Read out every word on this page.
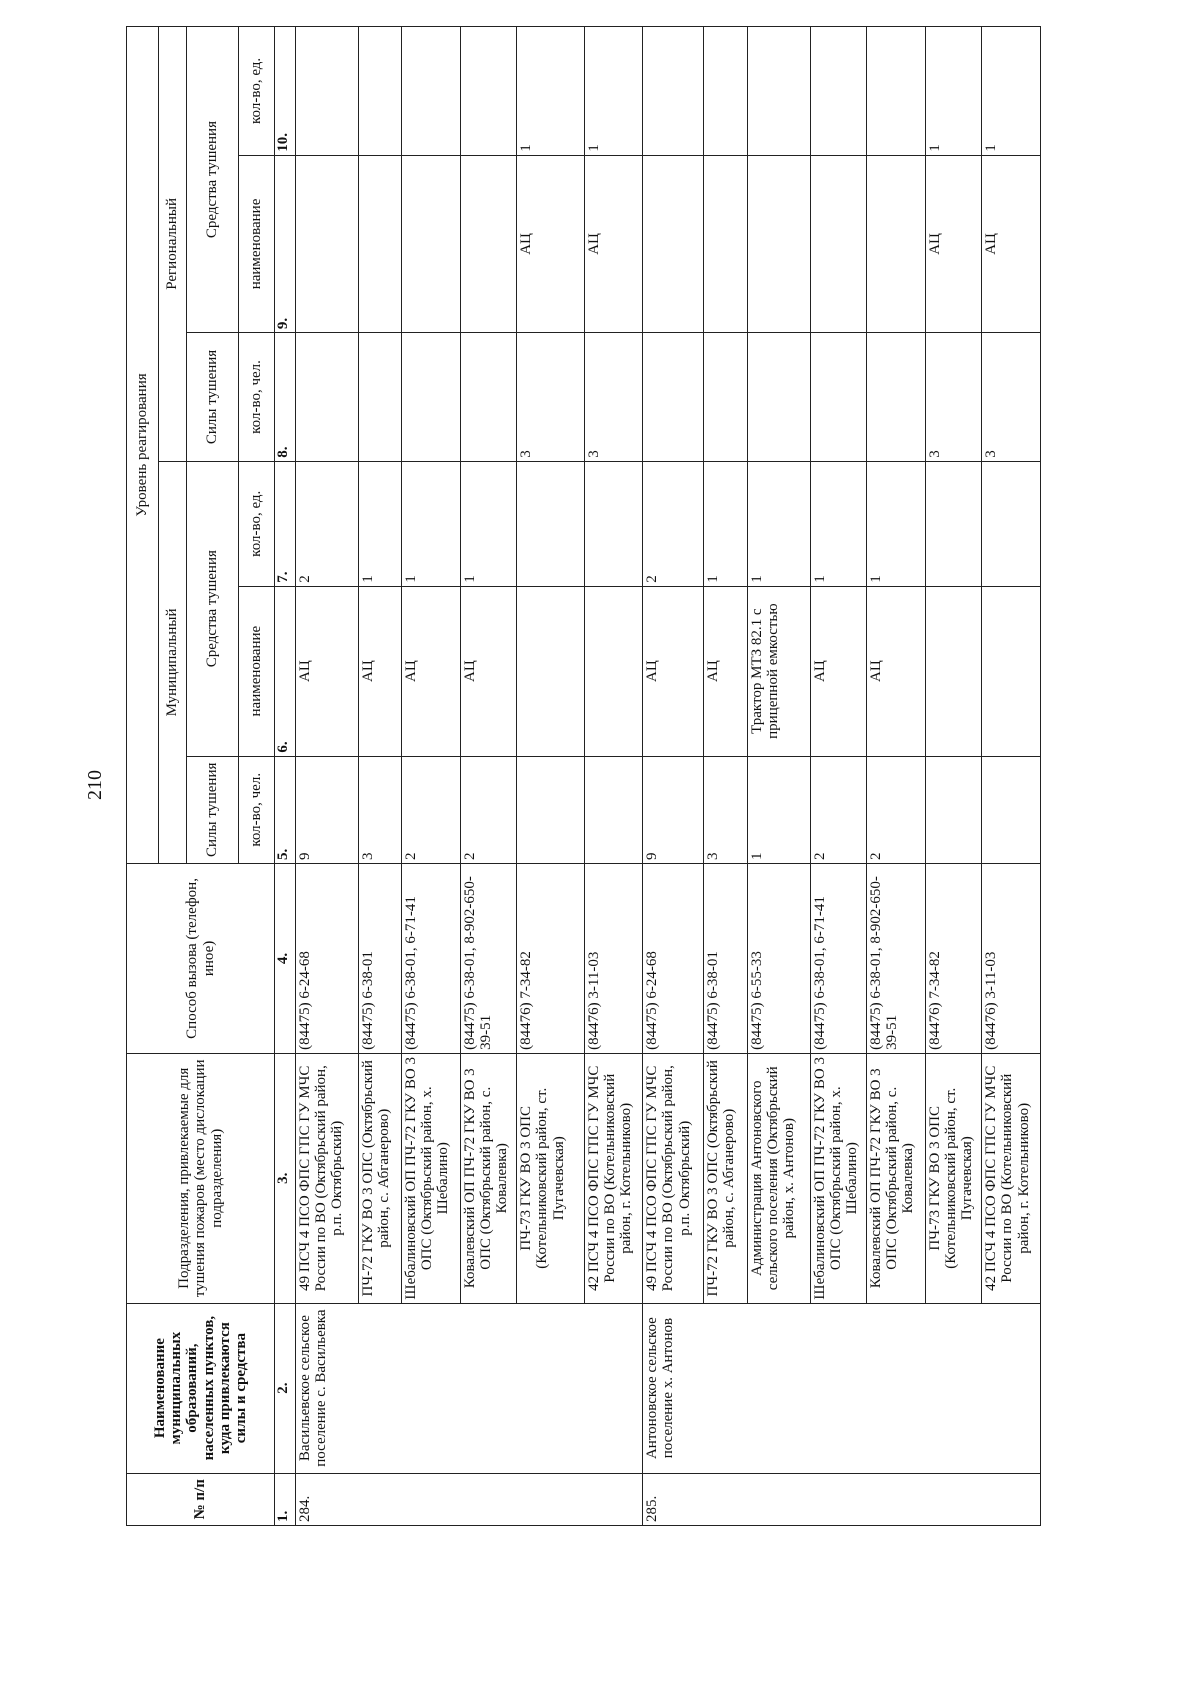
210
№ п/п	Наименование муниципальных образований, населенных пунктов, куда привлекаются силы и средства	Подразделения, привлекаемые для тушения пожаров (место дислокации подразделения)	Способ вызова (телефон, иное)	Уровень реагирования					
				Муниципальный			Региональный		
				Силы тушения	Средства тушения		Силы тушения	Средства тушения	
				кол-во, чел.	наименование	кол-во, ед.	кол-во, чел.	наименование	кол-во, ед.
1.	2.	3.	4.	5.	6.	7.	8.	9.	10.
284.	Васильевское сельское поселение с. Васильевка	49 ПСЧ 4 ПСО ФПС ГПС ГУ МЧС России по ВО (Октябрьский район, р.п. Октябрьский)	(84475) 6-24-68	9	АЦ	2			
		ПЧ-72 ГКУ ВО 3 ОПС (Октябрьский район, с. Абганерово)	(84475) 6-38-01	3	АЦ	1			
		Шебалиновский ОП ПЧ-72 ГКУ ВО 3 ОПС (Октябрьский район, х. Шебалино)	(84475) 6-38-01, 6-71-41	2	АЦ	1			
		Ковалевский ОП ПЧ-72 ГКУ ВО 3 ОПС (Октябрьский район, с. Ковалевка)	(84475) 6-38-01, 8-902-650-39-51	2	АЦ	1			
		ПЧ-73 ГКУ ВО 3 ОПС (Котельниковский район, ст. Пугачевская)	(84476) 7-34-82				3	АЦ	1
		42 ПСЧ 4 ПСО ФПС ГПС ГУ МЧС России по ВО (Котельниковский район, г. Котельниково)	(84476) 3-11-03				3	АЦ	1
285.	Антоновское сельское поселение х. Антонов	49 ПСЧ 4 ПСО ФПС ГПС ГУ МЧС России по ВО (Октябрьский район, р.п. Октябрьский)	(84475) 6-24-68	9	АЦ	2			
		ПЧ-72 ГКУ ВО 3 ОПС (Октябрьский район, с. Абганерово)	(84475) 6-38-01	3	АЦ	1			
		Администрация Антоновского сельского поселения (Октябрьский район, х. Антонов)	(84475) 6-55-33	1	Трактор МТЗ 82.1 с прицепной емкостью	1			
		Шебалиновский ОП ПЧ-72 ГКУ ВО 3 ОПС (Октябрьский район, х. Шебалино)	(84475) 6-38-01, 6-71-41	2	АЦ	1			
		Ковалевский ОП ПЧ-72 ГКУ ВО 3 ОПС (Октябрьский район, с. Ковалевка)	(84475) 6-38-01, 8-902-650-39-51	2	АЦ	1			
		ПЧ-73 ГКУ ВО 3 ОПС (Котельниковский район, ст. Пугачевская)	(84476) 7-34-82				3	АЦ	1
		42 ПСЧ 4 ПСО ФПС ГПС ГУ МЧС России по ВО (Котельниковский район, г. Котельниково)	(84476) 3-11-03				3	АЦ	1
